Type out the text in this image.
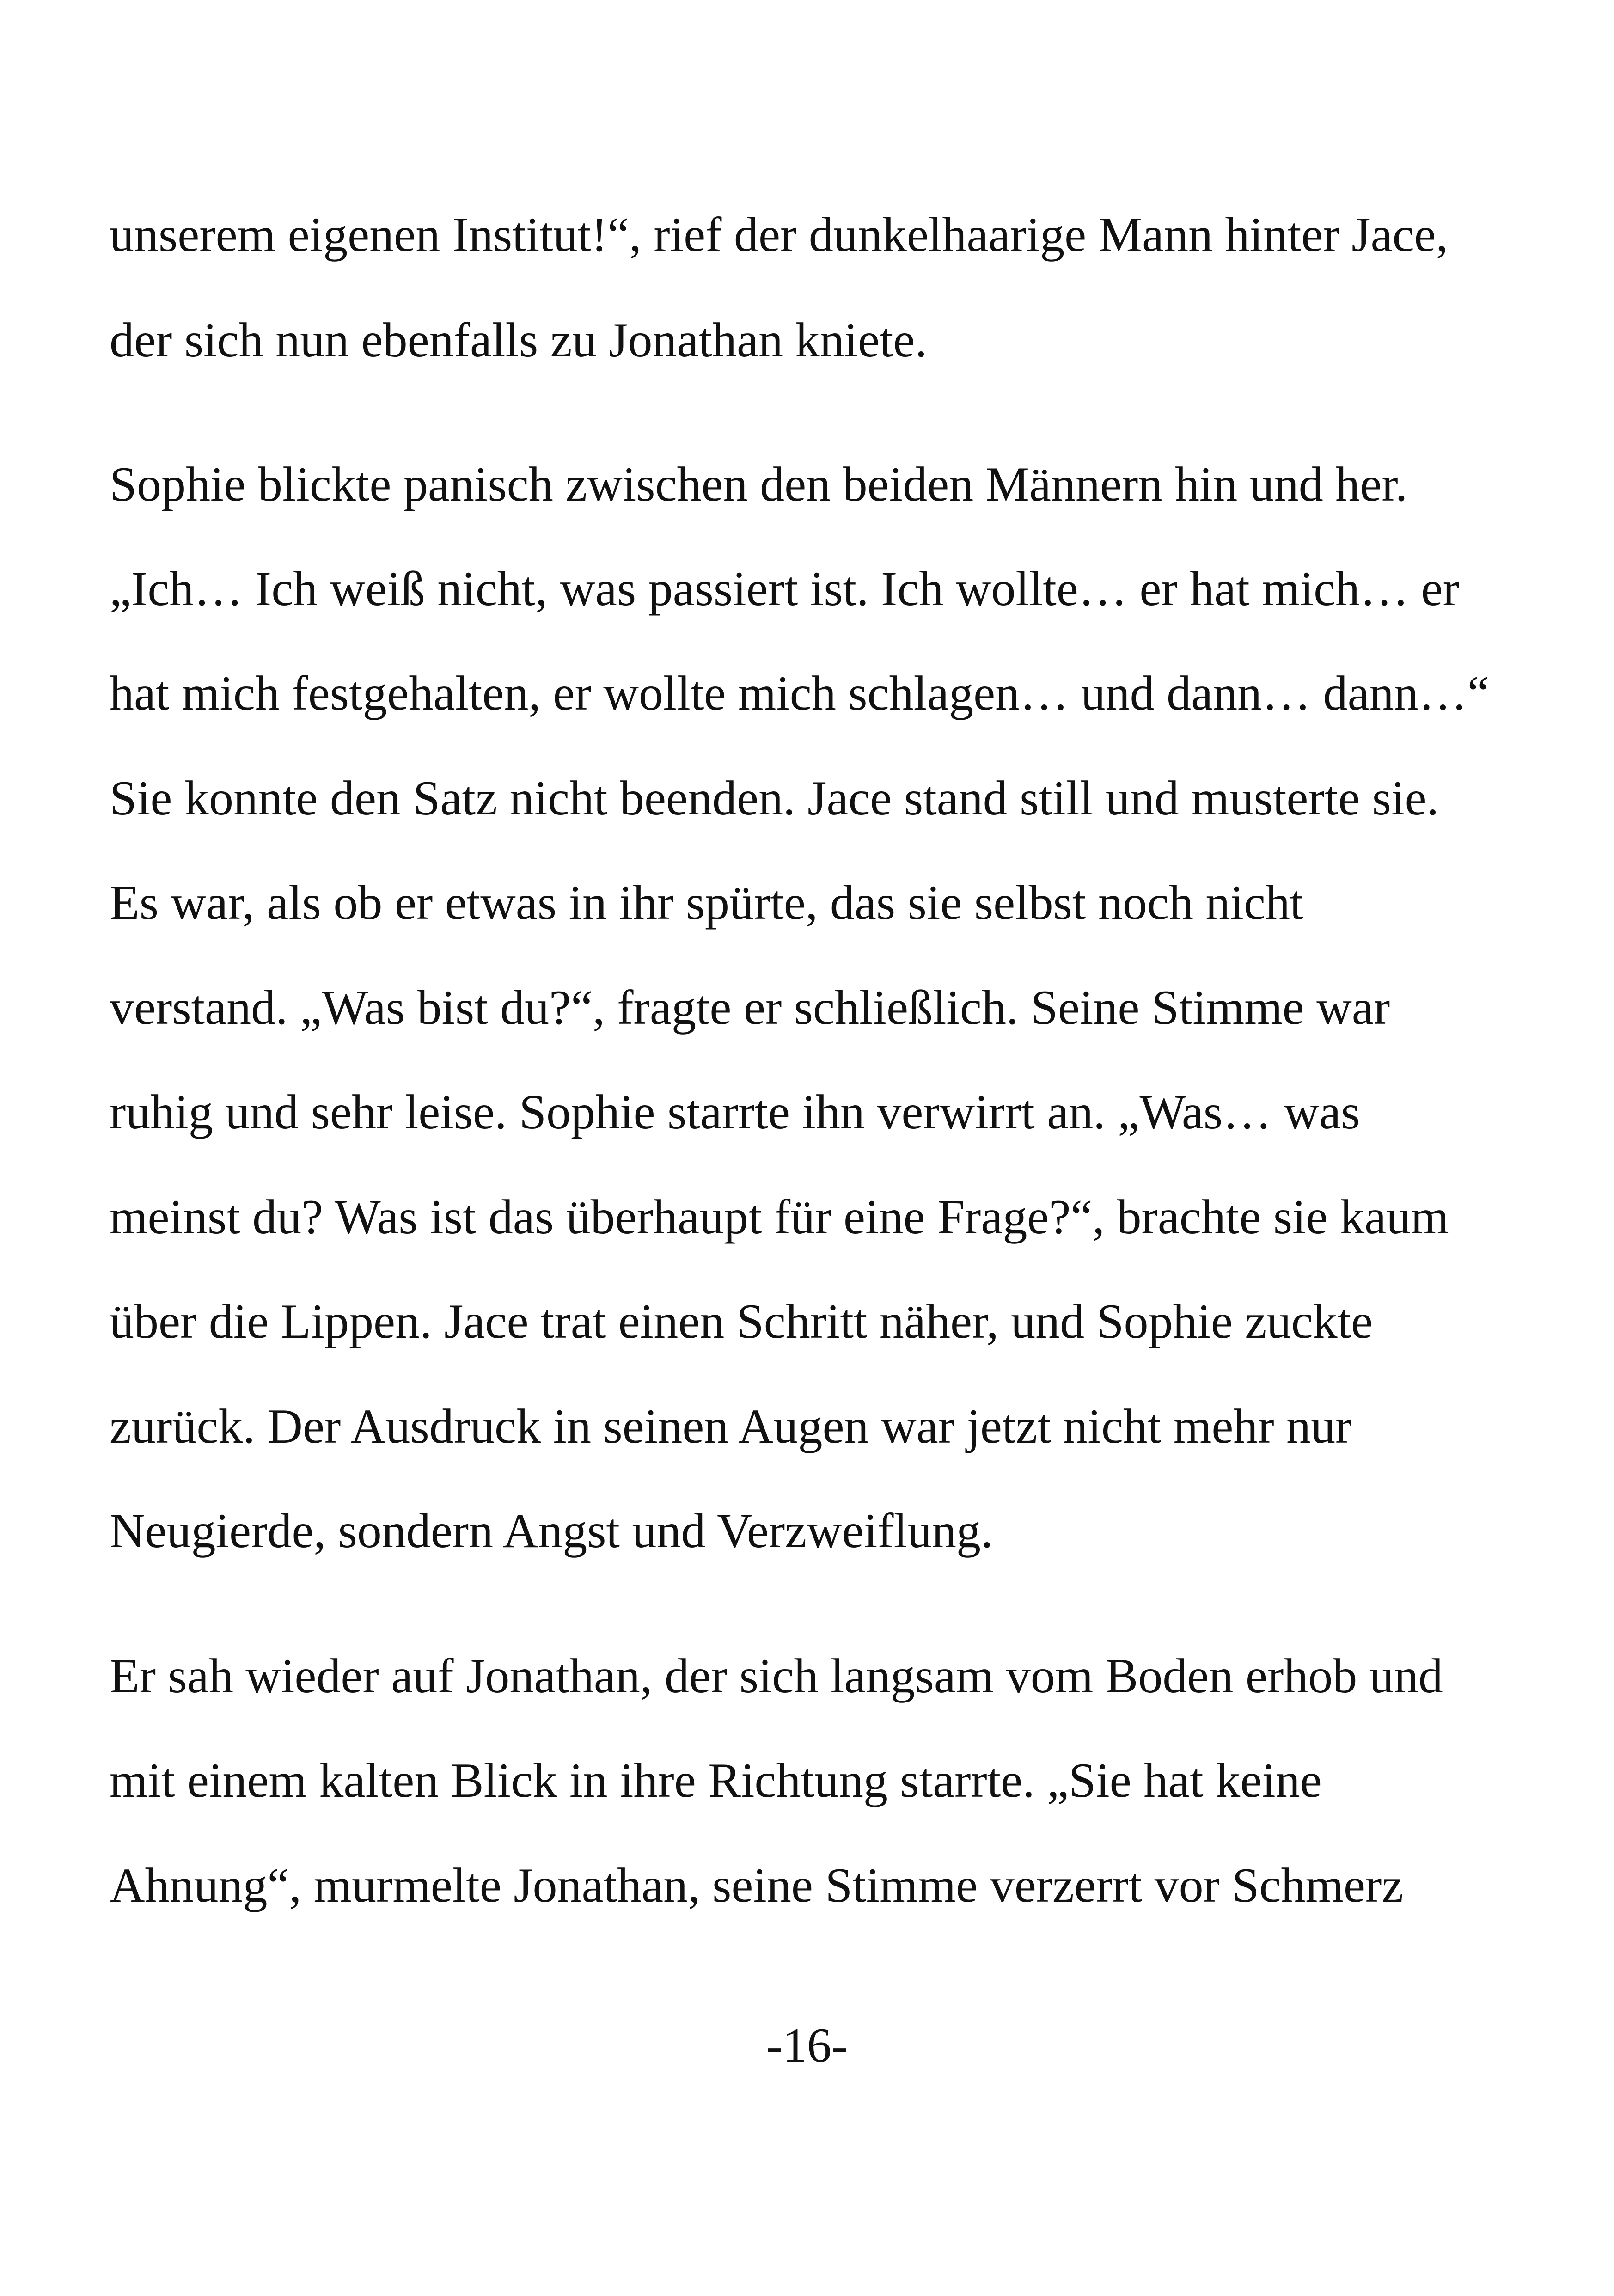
unserem eigenen Institut!“, rief der dunkelhaarige Mann hinter Jace,
der sich nun ebenfalls zu Jonathan kniete.
Sophie blickte panisch zwischen den beiden Männern hin und her.
„Ich… Ich weiß nicht, was passiert ist. Ich wollte… er hat mich… er
hat mich festgehalten, er wollte mich schlagen… und dann… dann…“
Sie konnte den Satz nicht beenden. Jace stand still und musterte sie.
Es war, als ob er etwas in ihr spürte, das sie selbst noch nicht
verstand. „Was bist du?“, fragte er schließlich. Seine Stimme war
ruhig und sehr leise. Sophie starrte ihn verwirrt an. „Was… was
meinst du? Was ist das überhaupt für eine Frage?“, brachte sie kaum
über die Lippen. Jace trat einen Schritt näher, und Sophie zuckte
zurück. Der Ausdruck in seinen Augen war jetzt nicht mehr nur
Neugierde, sondern Angst und Verzweiflung.
Er sah wieder auf Jonathan, der sich langsam vom Boden erhob und
mit einem kalten Blick in ihre Richtung starrte. „Sie hat keine
Ahnung“, murmelte Jonathan, seine Stimme verzerrt vor Schmerz
-16-
